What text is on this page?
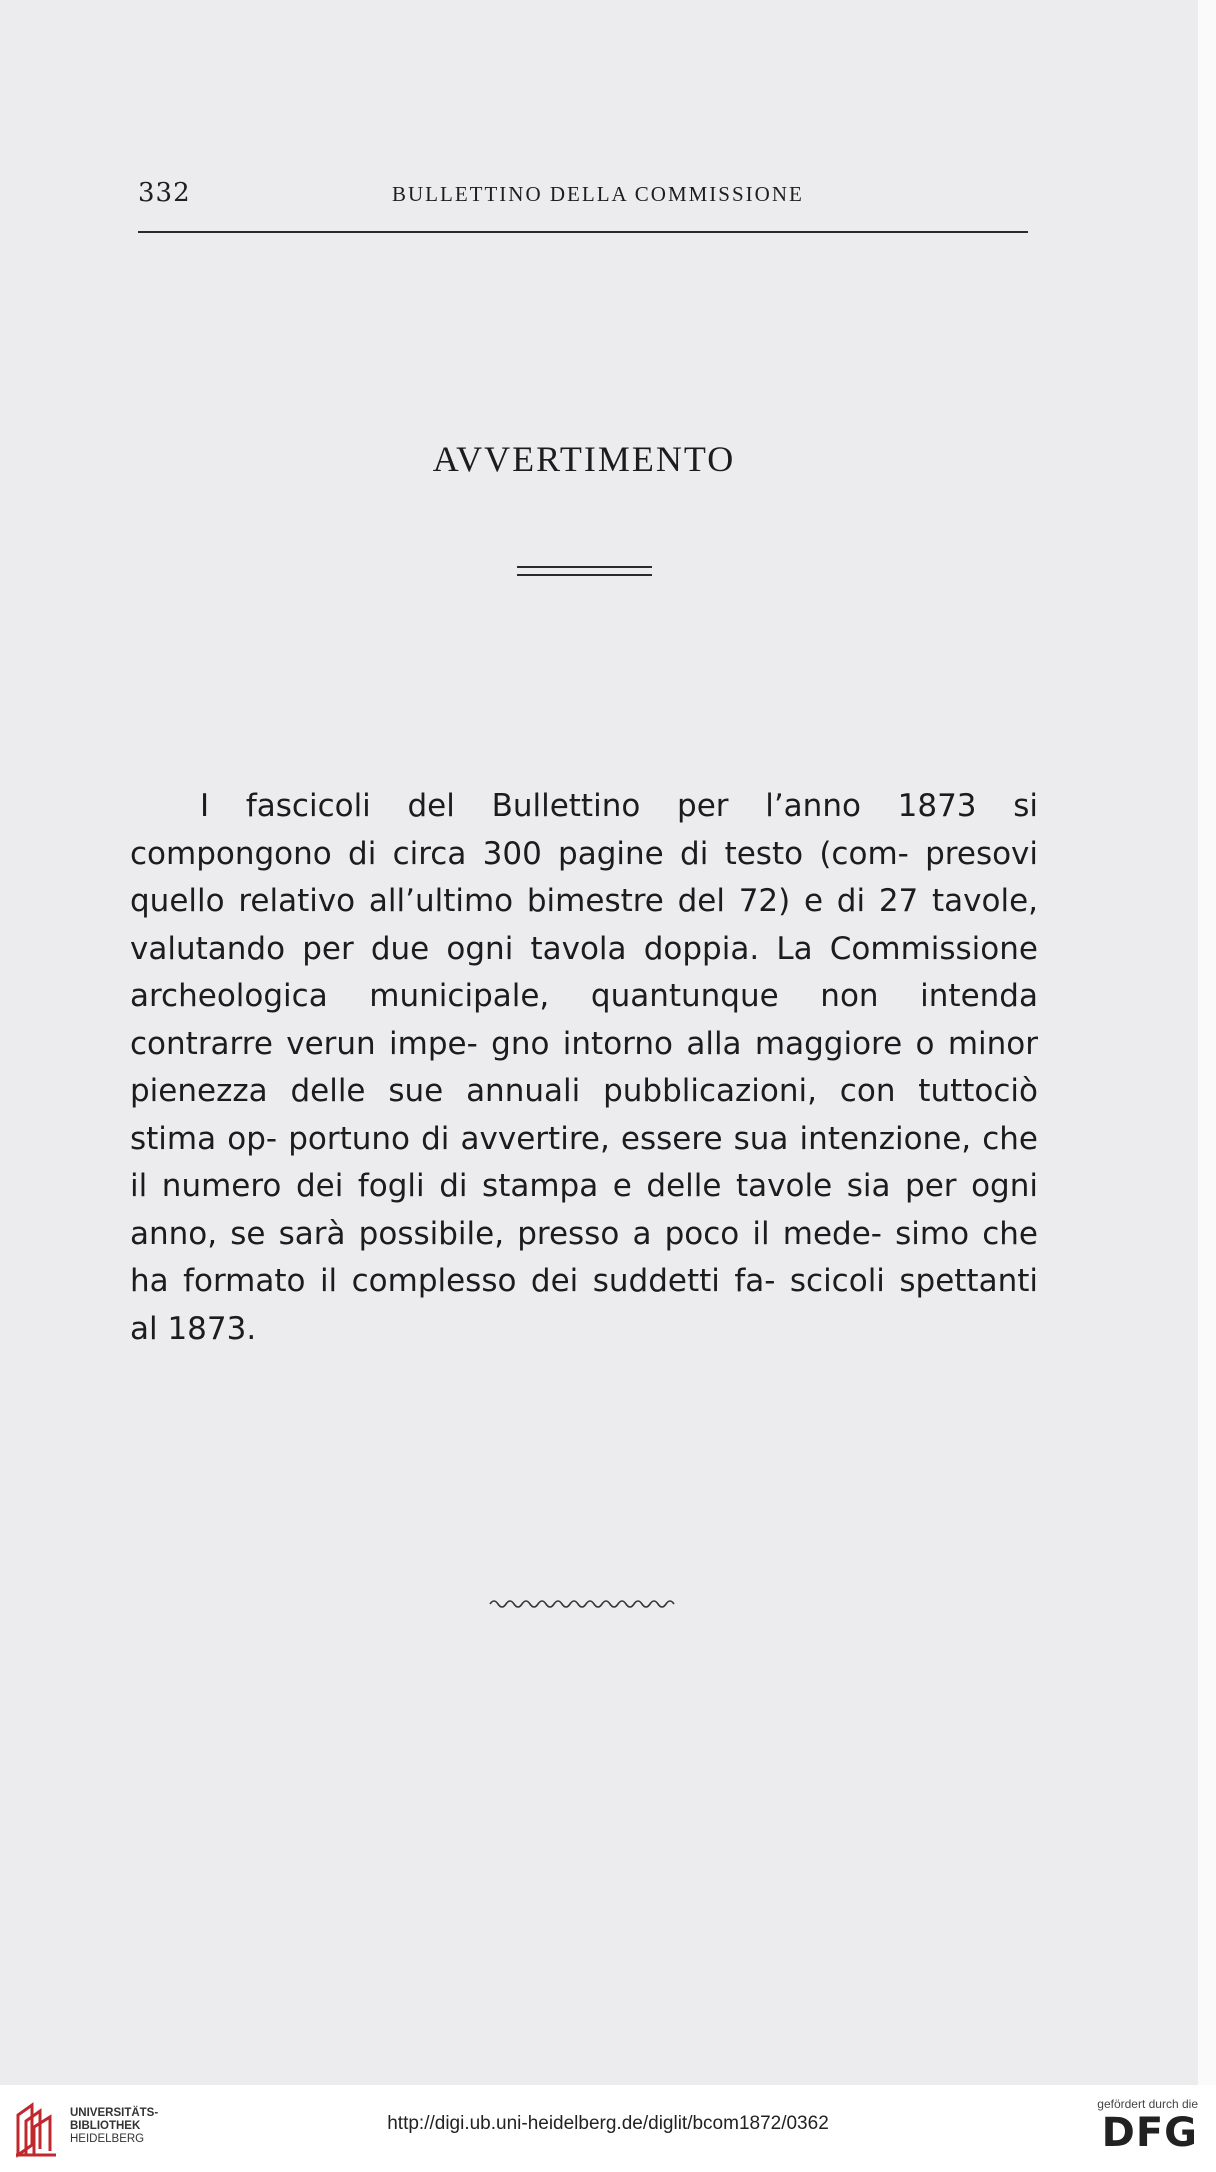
332	BULLETTINO DELLA COMMISSIONE
AVVERTIMENTO

I fascicoli del Bullettino per l’anno 1873 si compongono di circa 300 pagine di testo (com- presovi quello relativo all’ultimo bimestre del 72) e di 27 tavole, valutando per due ogni tavola doppia. La Commissione archeologica municipale, quantunque non intenda contrarre verun impe- gno intorno alla maggiore o minor pienezza delle sue annuali pubblicazioni, con tuttociò stima op- portuno di avvertire, essere sua intenzione, che il numero dei fogli di stampa e delle tavole sia per ogni anno, se sarà possibile, presso a poco il mede- simo che ha formato il complesso dei suddetti fa- scicoli spettanti al 1873.

UNIVERSITÄTS-
BIBLIOTHEK
HEIDELBERG
http://digi.ub.uni-heidelberg.de/diglit/bcom1872/0362
gefördert durch die
DFG
